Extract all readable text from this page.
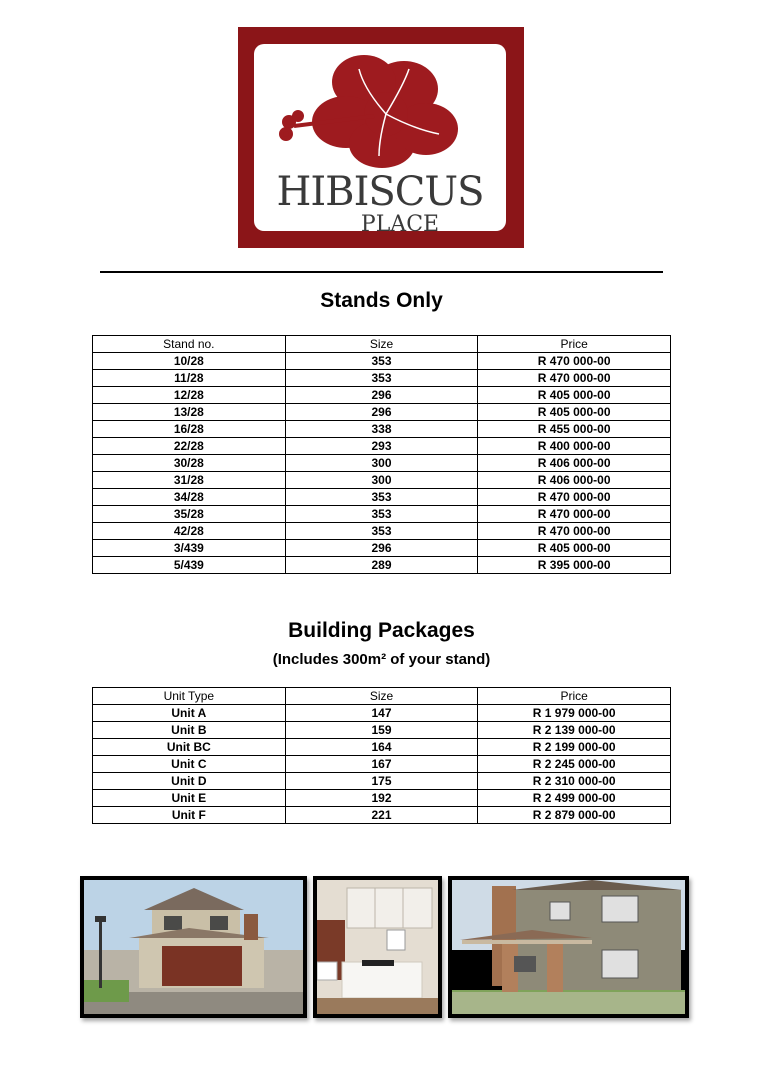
HIBISCUS
PLACE
Stands Only
Stand no.	Size	Price
10/28	353	R 470 000-00
11/28	353	R 470 000-00
12/28	296	R 405 000-00
13/28	296	R 405 000-00
16/28	338	R 455 000-00
22/28	293	R 400 000-00
30/28	300	R 406 000-00
31/28	300	R 406 000-00
34/28	353	R 470 000-00
35/28	353	R 470 000-00
42/28	353	R 470 000-00
3/439	296	R 405 000-00
5/439	289	R 395 000-00
Building Packages
(Includes 300m² of your stand)
Unit Type	Size	Price
Unit A	147	R 1 979 000-00
Unit B	159	R 2 139 000-00
Unit BC	164	R 2 199 000-00
Unit C	167	R 2 245 000-00
Unit D	175	R 2 310 000-00
Unit E	192	R 2 499 000-00
Unit F	221	R 2 879 000-00
